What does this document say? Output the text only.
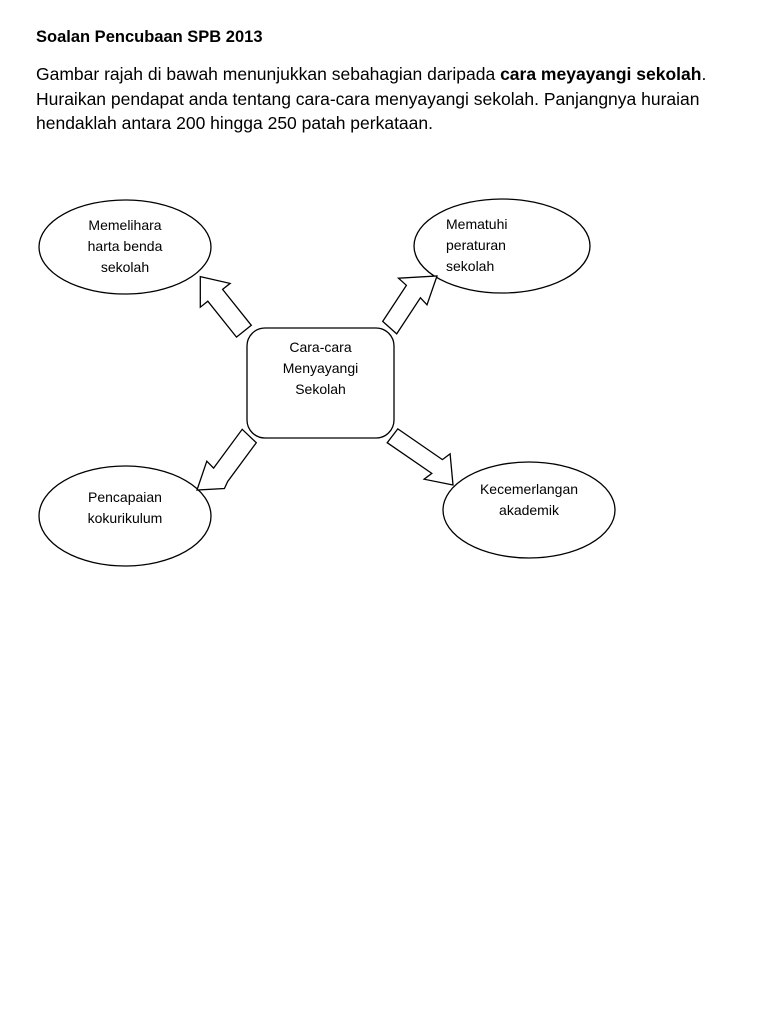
Soalan Pencubaan SPB 2013

Gambar rajah di bawah menunjukkan sebahagian daripada cara meyayangi sekolah. Huraikan pendapat anda tentang cara-cara menyayangi sekolah. Panjangnya huraian hendaklah antara 200 hingga 250 patah perkataan.

Cara-cara
Menyayangi
Sekolah
Memelihara
harta benda
sekolah
Mematuhi
peraturan
sekolah
Pencapaian
kokurikulum
Kecemerlangan
akademik
